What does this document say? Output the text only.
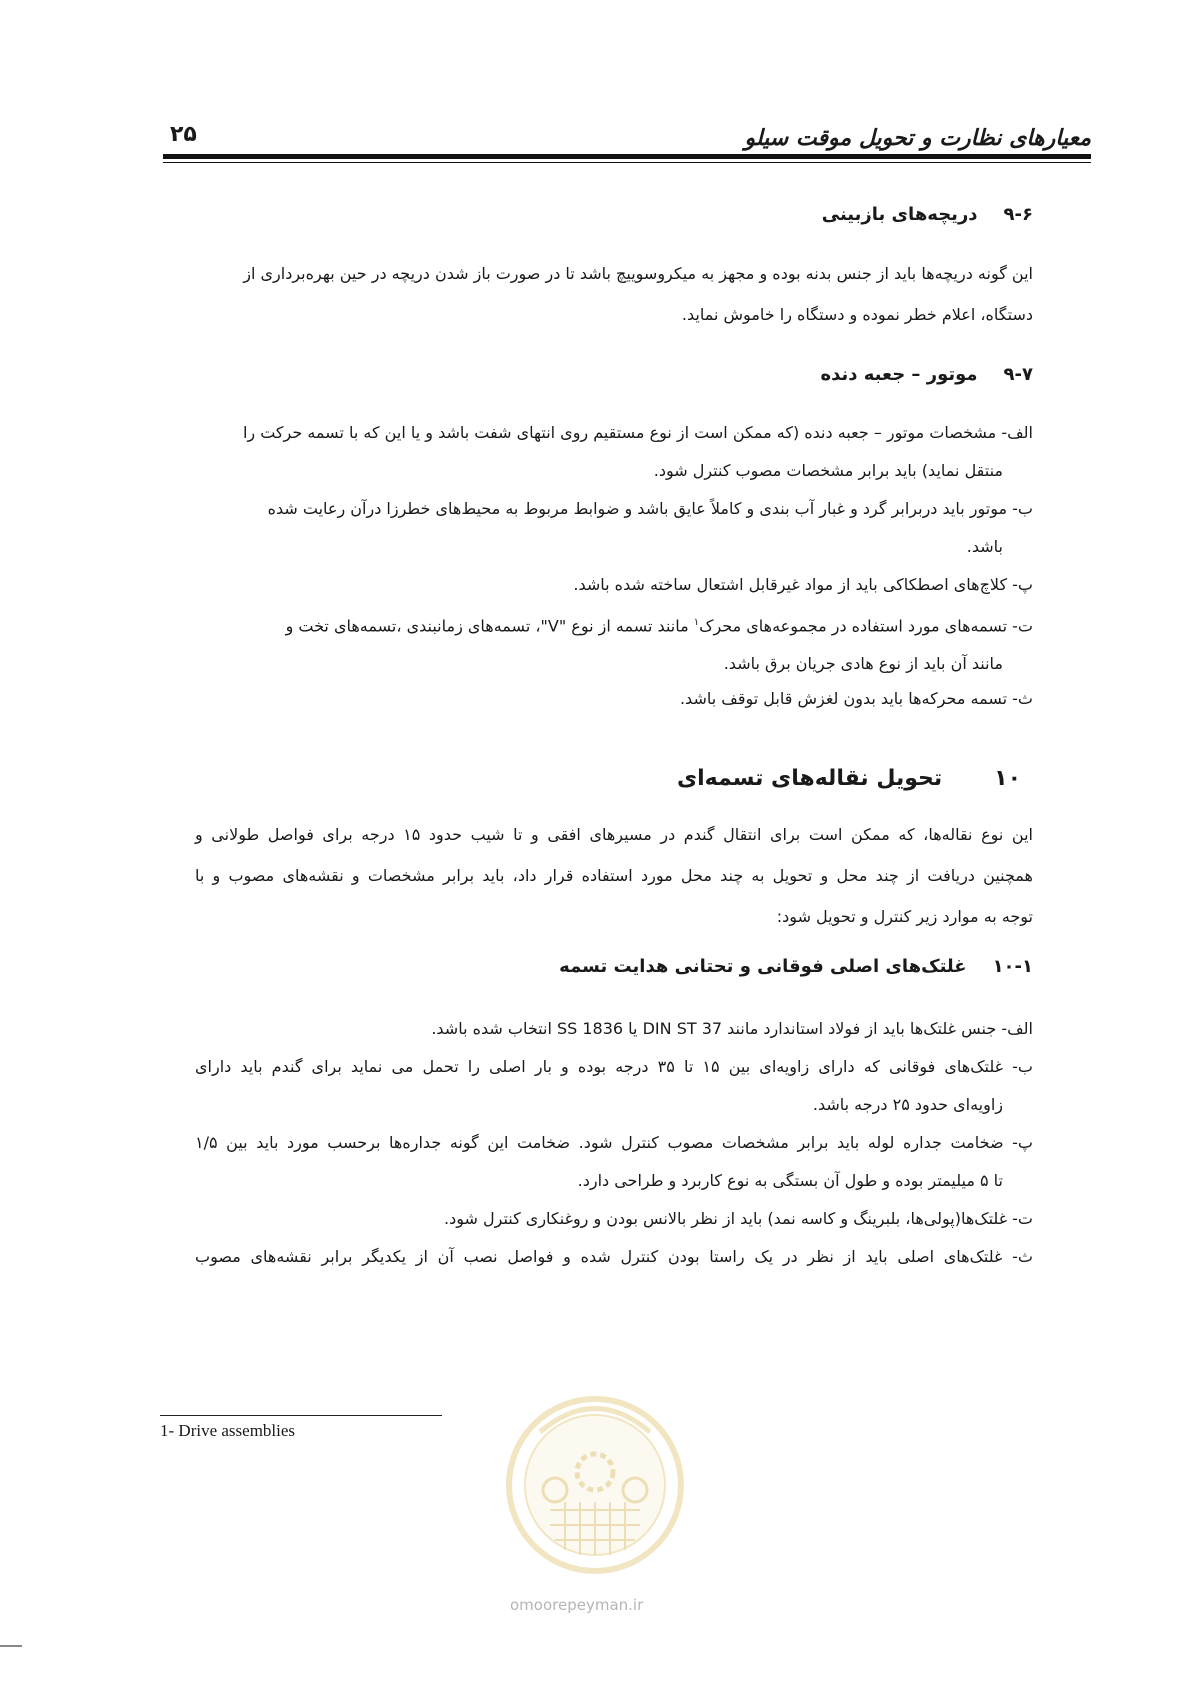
معیارهای نظارت و تحویل موقت سیلو
۲۵
۹-۶دریچه‌های بازبینی
این گونه دریچه‌ها باید از جنس بدنه بوده و مجهز به میکروسوییچ باشد تا در صورت باز شدن دریچه در حین بهره‌برداری از
دستگاه، اعلام خطر نموده و دستگاه را خاموش نماید.
۹-۷موتور – جعبه دنده
الف- مشخصات موتور – جعبه دنده (که ممکن است از نوع مستقیم روی انتهای شفت باشد و یا این که با تسمه حرکت را
منتقل نماید) باید برابر مشخصات مصوب کنترل شود.
ب- موتور باید دربرابر گرد و غبار آب بندی و کاملاً عایق باشد و ضوابط مربوط به محیط‌های خطرزا درآن رعایت شده
باشد.
پ- کلاچ‌های اصطکاکی باید از مواد غیرقابل اشتعال ساخته شده باشد.
ت- تسمه‌های مورد استفاده در مجموعه‌های محرک$^۱$ مانند تسمه از نوع "V"، تسمه‌های زمانبندی ،تسمه‌های تخت و
مانند آن باید از نوع هادی جریان برق باشد.
ث- تسمه محرکه‌ها باید بدون لغزش قابل توقف باشد.
۱۰تحویل نقاله‌های تسمه‌ای
این نوع نقاله‌ها، که ممکن است برای انتقال گندم در مسیرهای افقی و تا شیب حدود ۱۵ درجه برای فواصل طولانی و
همچنین دریافت از چند محل و تحویل به چند محل مورد استفاده قرار داد، باید برابر مشخصات و نقشه‌های مصوب و با
توجه به موارد زیر کنترل و تحویل شود:
۱۰-۱غلتک‌های اصلی فوقانی و تحتانی هدایت تسمه
الف- جنس غلتک‌ها باید از فولاد استاندارد مانند DIN ST 37 یا SS 1836 انتخاب شده باشد.
ب- غلتک‌های فوقانی که دارای زاویه‌ای بین ۱۵ تا ۳۵ درجه بوده و بار اصلی را تحمل می نماید برای گندم باید دارای
زاویه‌ای حدود ۲۵ درجه باشد.
پ- ضخامت جداره لوله باید برابر مشخصات مصوب کنترل شود. ضخامت این گونه جداره‌ها برحسب مورد باید بین ۱/۵
تا ۵ میلیمتر بوده و طول آن بستگی به نوع کاربرد و طراحی دارد.
ت- غلتک‌ها(پولی‌ها، بلبرینگ و کاسه نمد) باید از نظر بالانس بودن و روغنکاری کنترل شود.
ث- غلتک‌های اصلی باید از نظر در یک راستا بودن کنترل شده و فواصل نصب آن از یکدیگر برابر نقشه‌های مصوب
omoorepeyman.ir
1- Drive assemblies
